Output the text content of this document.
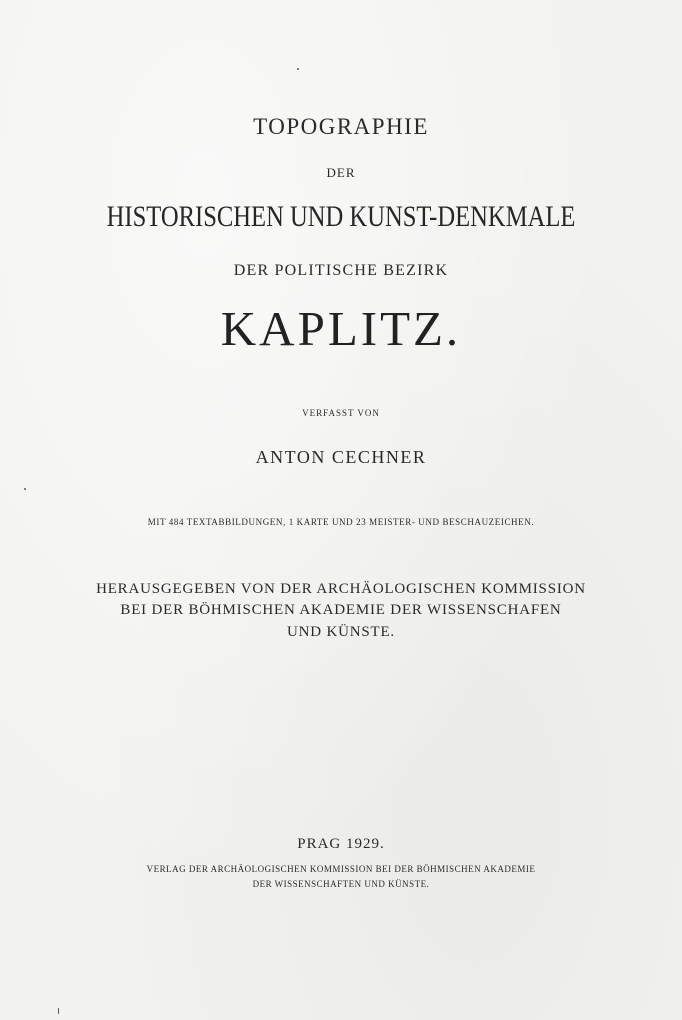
TOPOGRAPHIE

DER

HISTORISCHEN UND KUNST-DENKMALE

DER POLITISCHE BEZIRK

KAPLITZ.

VERFASST VON

ANTON CECHNER

MIT 484 TEXTABBILDUNGEN, 1 KARTE UND 23 MEISTER- UND BESCHAUZEICHEN.

HERAUSGEGEBEN VON DER ARCHÄOLOGISCHEN KOMMISSION

BEI DER BÖHMISCHEN AKADEMIE DER WISSENSCHAFEN

UND KÜNSTE.

PRAG 1929.

VERLAG DER ARCHÄOLOGISCHEN KOMMISSION BEI DER BÖHMISCHEN AKADEMIE

DER WISSENSCHAFTEN UND KÜNSTE.
